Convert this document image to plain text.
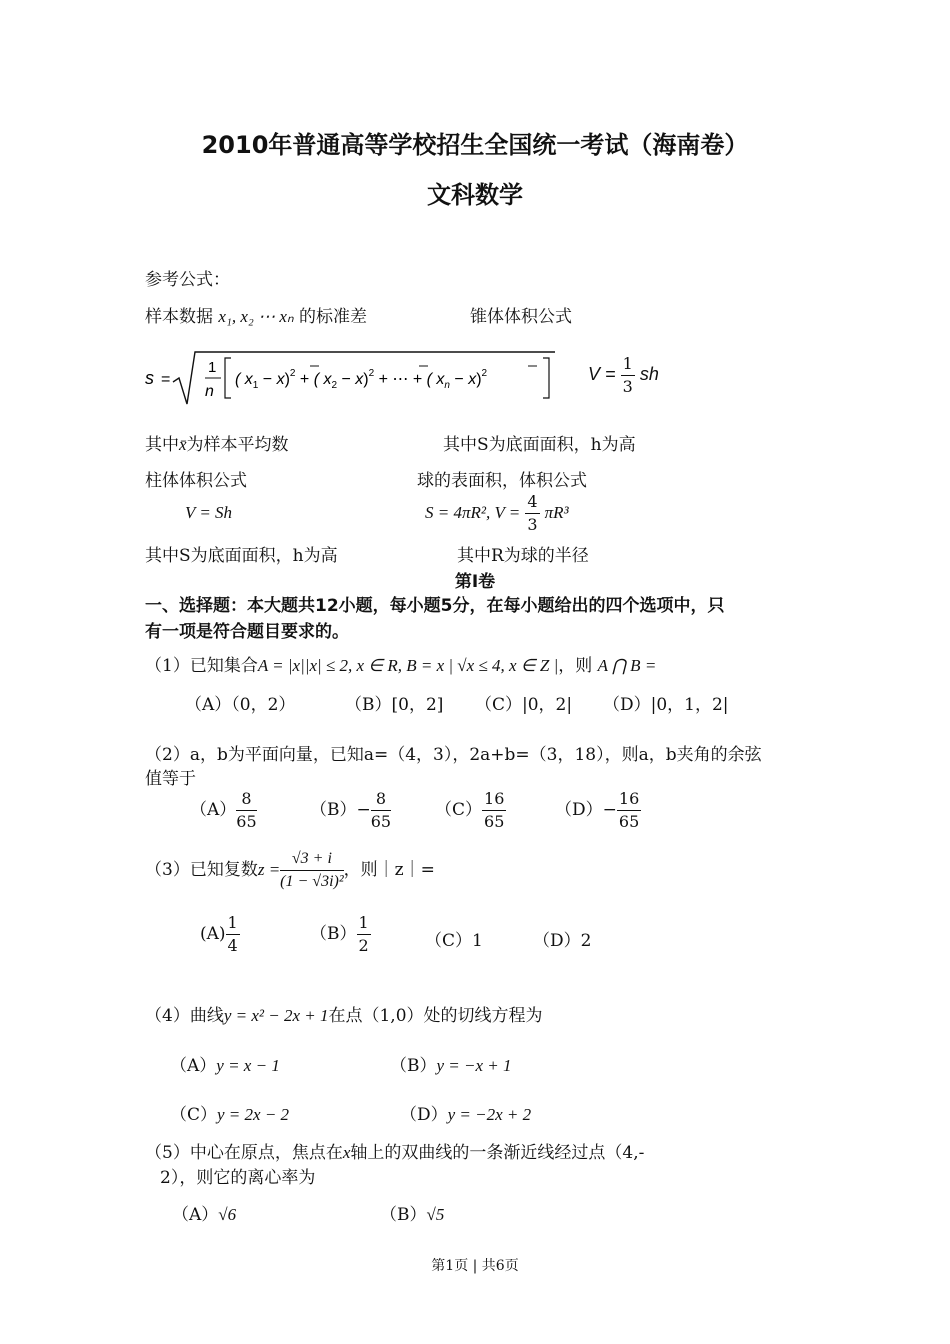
2010年普通高等学校招生全国统一考试（海南卷）
文科数学
参考公式：
样本数据 x₁, x₂ ⋯ xₙ 的标准差	锥体体积公式
s =
1
n
( $x_1 - x)^2$ + ( $x_2 - x)^2$ + ⋯ + ( $x_n - x)^2$	$V = \frac{1}{3}$ sh
其中x̄为样本平均数	其中S为底面面积，h为高
柱体体积公式	球的表面积，体积公式
V = Sh	S = 4πR², $V = \frac{4}{3} \pi R^3$
其中S为底面面积，h为高	其中R为球的半径
第I卷
一、选择题：本大题共12小题，每小题5分，在每小题给出的四个选项中，只
有一项是符合题目要求的。
（1）已知集合A = |x||x| ≤ 2, x ∈ R, B = x | √x ≤ 4, x ∈ Z |，则 A ⋂ B =
（A）（0，2）	（B）[0，2] （C）|0，2| （D）|0，1，2|
（2）a，b为平面向量，已知a=（4，3），2a+b=（3，18），则a，b夹角的余弦
值等于
$(A) \frac{8}{65}$	$(B)- \frac{8}{65}$	$(C) \frac{16}{65}$	$(D)- \frac{16}{65}$
（3）已知复数$z = \frac{√3 + i}{\text{(1 − √3i)²}}$ ，则｜z｜=
$(A) \frac{1}{4}$	$(B) \frac{1}{2}$	（C）1	（D）2
（4）曲线y = x² − 2x + 1在点（1,0）处的切线方程为
（A）y = x − 1	（B）y = −x + 1
（C）y = 2x − 2	（D）y = −2x + 2
（5）中心在原点，焦点在x轴上的双曲线的一条渐近线经过点（4,-
2），则它的离心率为
（A）√6	（B）√5
第1页 | 共6页
